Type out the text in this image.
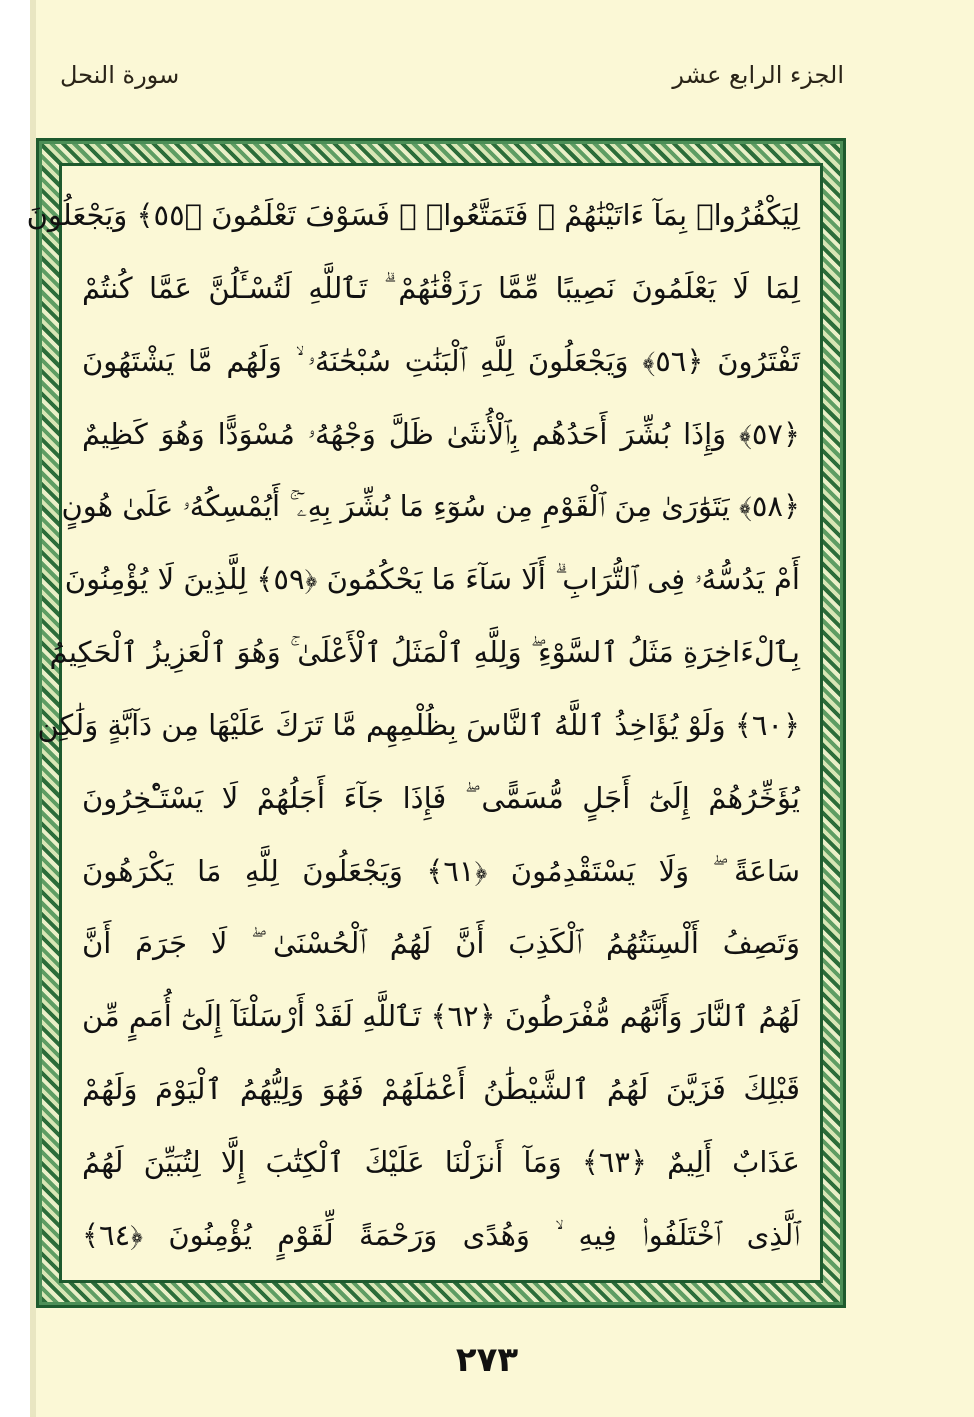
سورة النحل	الجزء الرابع عشر
لِيَكْفُرُوا۟ بِمَآ ءَاتَيْنَٰهُمْ ۚ فَتَمَتَّعُوا۟ ۖ فَسَوْفَ تَعْلَمُونَ ﴿٥٥﴾ وَيَجْعَلُونَ
لِمَا لَا يَعْلَمُونَ نَصِيبًا مِّمَّا رَزَقْنَٰهُمْ ۗ تَٱللَّهِ لَتُسْـَٔلُنَّ عَمَّا كُنتُمْ
تَفْتَرُونَ ﴿٥٦﴾ وَيَجْعَلُونَ لِلَّهِ ٱلْبَنَٰتِ سُبْحَٰنَهُۥ ۙ وَلَهُم مَّا يَشْتَهُونَ
﴿٥٧﴾ وَإِذَا بُشِّرَ أَحَدُهُم بِٱلْأُنثَىٰ ظَلَّ وَجْهُهُۥ مُسْوَدًّا وَهُوَ كَظِيمٌ
﴿٥٨﴾ يَتَوَٰرَىٰ مِنَ ٱلْقَوْمِ مِن سُوٓءِ مَا بُشِّرَ بِهِۦٓ ۚ أَيُمْسِكُهُۥ عَلَىٰ هُونٍ
أَمْ يَدُسُّهُۥ فِى ٱلتُّرَابِ ۗ أَلَا سَآءَ مَا يَحْكُمُونَ ﴿٥٩﴾ لِلَّذِينَ لَا يُؤْمِنُونَ
بِٱلْءَاخِرَةِ مَثَلُ ٱلسَّوْءِ ۖ وَلِلَّهِ ٱلْمَثَلُ ٱلْأَعْلَىٰ ۚ وَهُوَ ٱلْعَزِيزُ ٱلْحَكِيمُ
﴿٦٠﴾ وَلَوْ يُؤَاخِذُ ٱللَّهُ ٱلنَّاسَ بِظُلْمِهِم مَّا تَرَكَ عَلَيْهَا مِن دَآبَّةٍ وَلَٰكِن
يُؤَخِّرُهُمْ إِلَىٰٓ أَجَلٍ مُّسَمًّى ۖ فَإِذَا جَآءَ أَجَلُهُمْ لَا يَسْتَـْٔخِرُونَ
سَاعَةً ۖ وَلَا يَسْتَقْدِمُونَ ﴿٦١﴾ وَيَجْعَلُونَ لِلَّهِ مَا يَكْرَهُونَ
وَتَصِفُ أَلْسِنَتُهُمُ ٱلْكَذِبَ أَنَّ لَهُمُ ٱلْحُسْنَىٰ ۖ لَا جَرَمَ أَنَّ
لَهُمُ ٱلنَّارَ وَأَنَّهُم مُّفْرَطُونَ ﴿٦٢﴾ تَٱللَّهِ لَقَدْ أَرْسَلْنَآ إِلَىٰٓ أُمَمٍ مِّن
قَبْلِكَ فَزَيَّنَ لَهُمُ ٱلشَّيْطَٰنُ أَعْمَٰلَهُمْ فَهُوَ وَلِيُّهُمُ ٱلْيَوْمَ وَلَهُمْ
عَذَابٌ أَلِيمٌ ﴿٦٣﴾ وَمَآ أَنزَلْنَا عَلَيْكَ ٱلْكِتَٰبَ إِلَّا لِتُبَيِّنَ لَهُمُ
ٱلَّذِى ٱخْتَلَفُوا۟ فِيهِ ۙ وَهُدًى وَرَحْمَةً لِّقَوْمٍ يُؤْمِنُونَ ﴿٦٤﴾
٢٧٣
